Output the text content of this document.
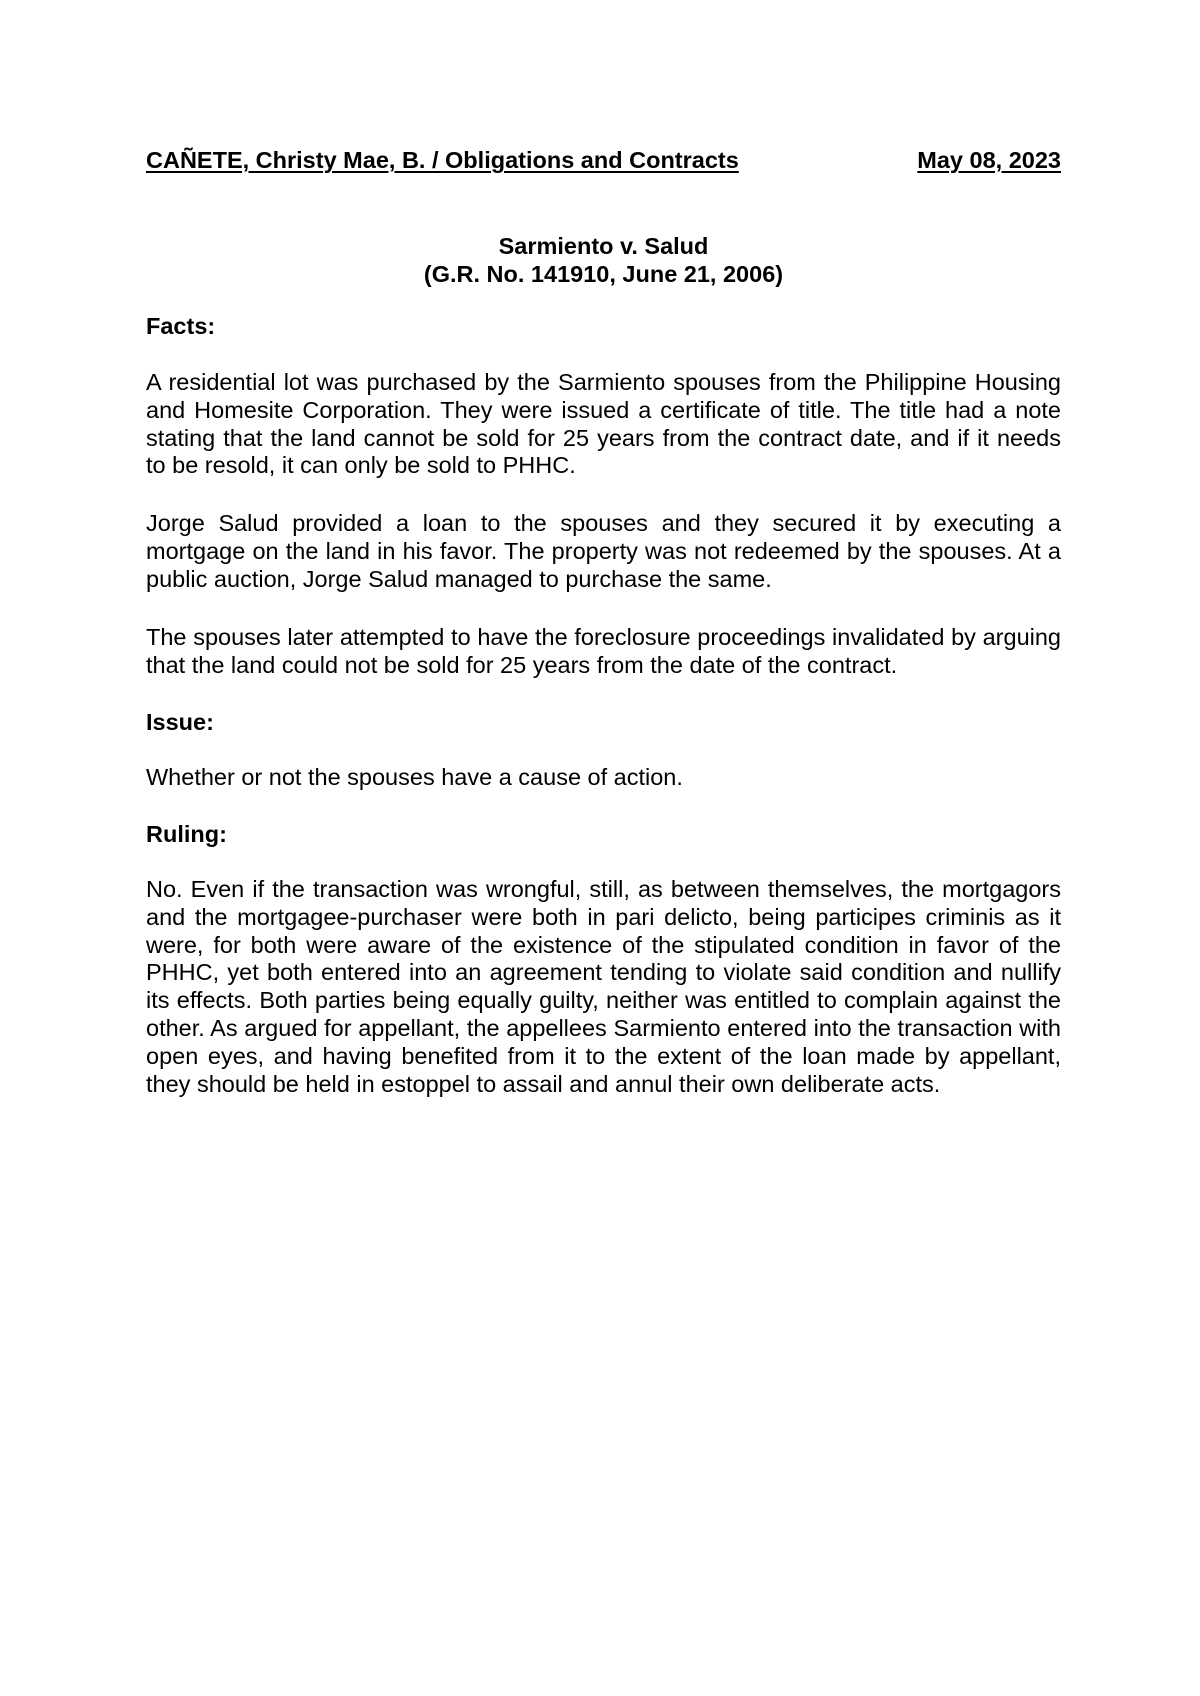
CAÑETE, Christy Mae, B. / Obligations and Contracts	May 08, 2023
Sarmiento v. Salud
(G.R. No. 141910, June 21, 2006)
Facts:

A residential lot was purchased by the Sarmiento spouses from the Philippine Housing and Homesite Corporation. They were issued a certificate of title. The title had a note stating that the land cannot be sold for 25 years from the contract date, and if it needs to be resold, it can only be sold to PHHC.

Jorge Salud provided a loan to the spouses and they secured it by executing a mortgage on the land in his favor. The property was not redeemed by the spouses. At a public auction, Jorge Salud managed to purchase the same.

The spouses later attempted to have the foreclosure proceedings invalidated by arguing that the land could not be sold for 25 years from the date of the contract.

Issue:

Whether or not the spouses have a cause of action.

Ruling:

No. Even if the transaction was wrongful, still, as between themselves, the mortgagors and the mortgagee-purchaser were both in pari delicto, being participes criminis as it were, for both were aware of the existence of the stipulated condition in favor of the PHHC, yet both entered into an agreement tending to violate said condition and nullify its effects. Both parties being equally guilty, neither was entitled to complain against the other. As argued for appellant, the appellees Sarmiento entered into the transaction with open eyes, and having benefited from it to the extent of the loan made by appellant, they should be held in estoppel to assail and annul their own deliberate acts.
